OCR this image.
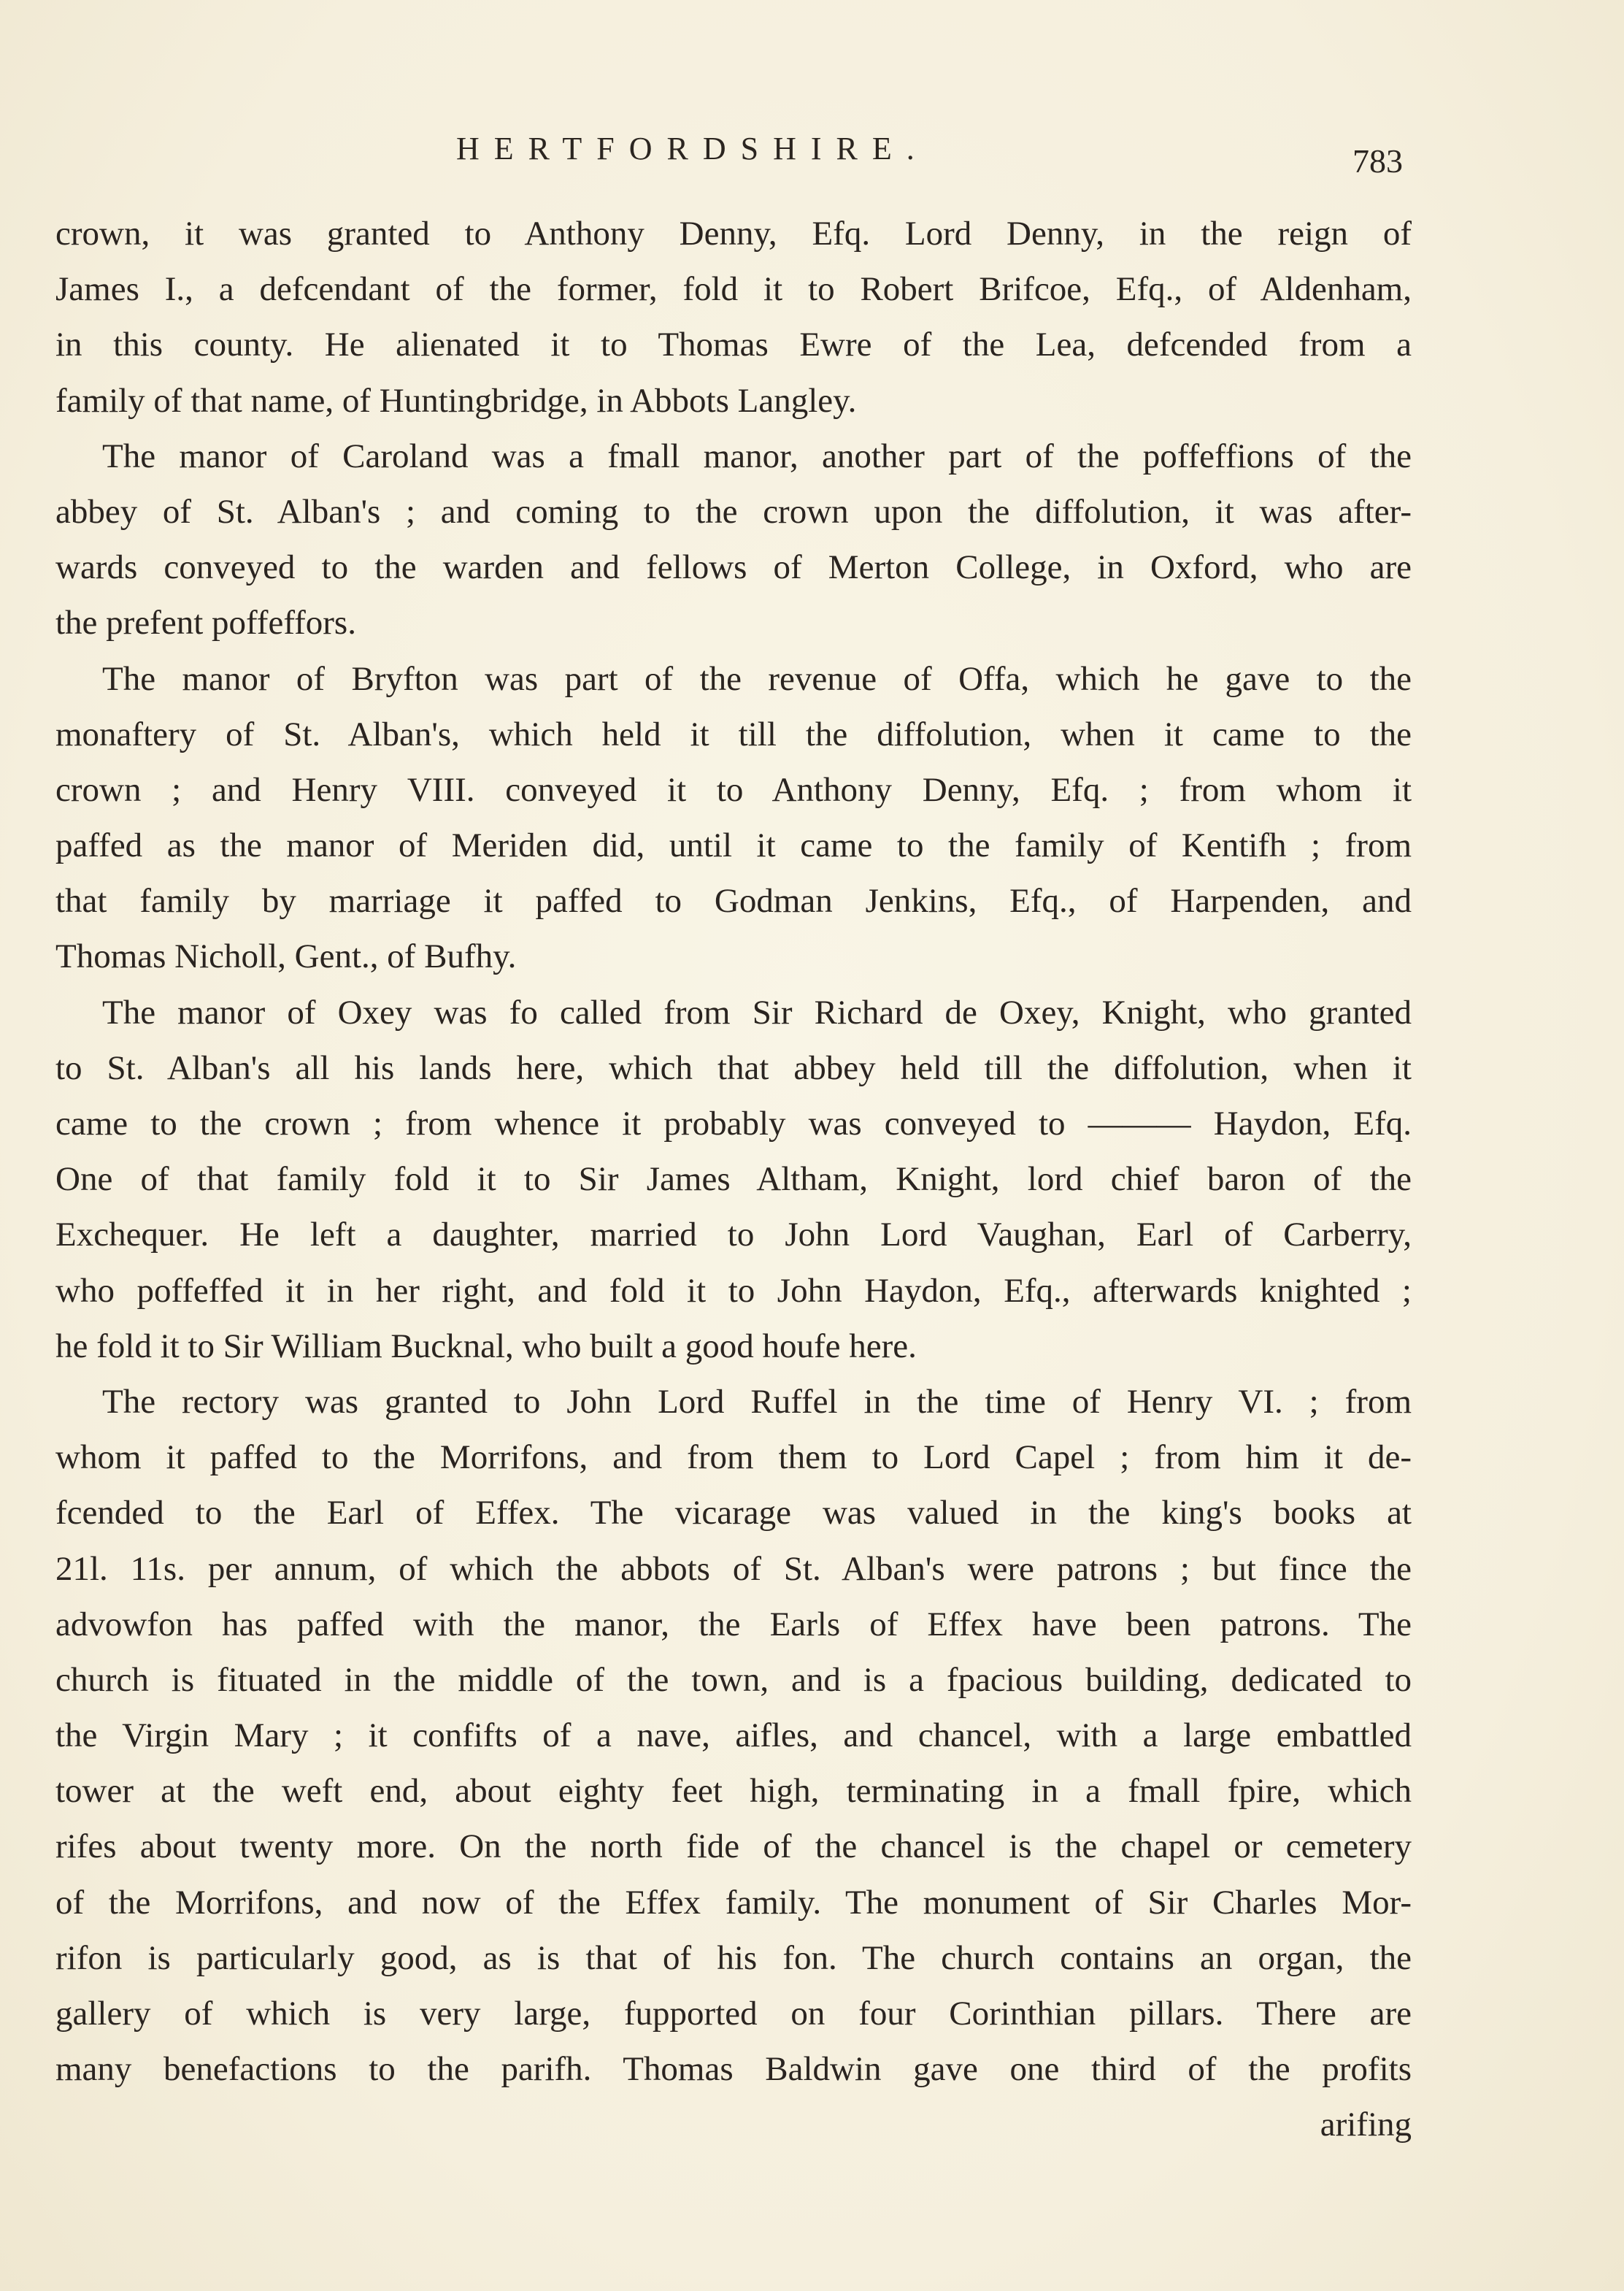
HERTFORDSHIRE.	783
crown, it was granted to Anthony Denny, Efq. Lord Denny, in the reign of
James I., a defcendant of the former, fold it to Robert Brifcoe, Efq., of Aldenham,
in this county. He alienated it to Thomas Ewre of the Lea, defcended from a
family of that name, of Huntingbridge, in Abbots Langley.
The manor of Caroland was a fmall manor, another part of the poffeffions of the
abbey of St. Alban's ; and coming to the crown upon the diffolution, it was after-
wards conveyed to the warden and fellows of Merton College, in Oxford, who are
the prefent poffeffors.
The manor of Bryfton was part of the revenue of Offa, which he gave to the
monaftery of St. Alban's, which held it till the diffolution, when it came to the
crown ; and Henry VIII. conveyed it to Anthony Denny, Efq. ; from whom it
paffed as the manor of Meriden did, until it came to the family of Kentifh ; from
that family by marriage it paffed to Godman Jenkins, Efq., of Harpenden, and
Thomas Nicholl, Gent., of Bufhy.
The manor of Oxey was fo called from Sir Richard de Oxey, Knight, who granted
to St. Alban's all his lands here, which that abbey held till the diffolution, when it
came to the crown ; from whence it probably was conveyed to ——— Haydon, Efq.
One of that family fold it to Sir James Altham, Knight, lord chief baron of the
Exchequer. He left a daughter, married to John Lord Vaughan, Earl of Carberry,
who poffeffed it in her right, and fold it to John Haydon, Efq., afterwards knighted ;
he fold it to Sir William Bucknal, who built a good houfe here.
The rectory was granted to John Lord Ruffel in the time of Henry VI. ; from
whom it paffed to the Morrifons, and from them to Lord Capel ; from him it de-
fcended to the Earl of Effex. The vicarage was valued in the king's books at
21l. 11s. per annum, of which the abbots of St. Alban's were patrons ; but fince the
advowfon has paffed with the manor, the Earls of Effex have been patrons. The
church is fituated in the middle of the town, and is a fpacious building, dedicated to
the Virgin Mary ; it confifts of a nave, aifles, and chancel, with a large embattled
tower at the weft end, about eighty feet high, terminating in a fmall fpire, which
rifes about twenty more. On the north fide of the chancel is the chapel or cemetery
of the Morrifons, and now of the Effex family. The monument of Sir Charles Mor-
rifon is particularly good, as is that of his fon. The church contains an organ, the
gallery of which is very large, fupported on four Corinthian pillars. There are
many benefactions to the parifh. Thomas Baldwin gave one third of the profits
arifing
